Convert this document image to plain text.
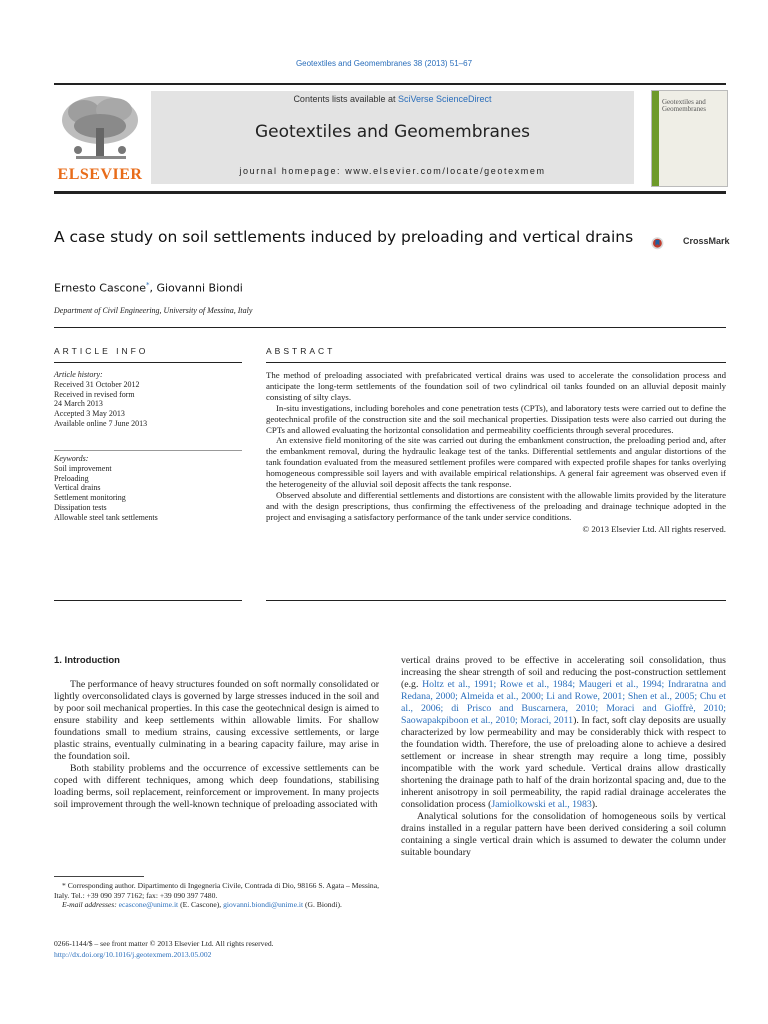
Geotextiles and Geomembranes 38 (2013) 51–67
ELSEVIER
Contents lists available at SciVerse ScienceDirect
Geotextiles and Geomembranes
journal homepage: www.elsevier.com/locate/geotexmem
Geotextiles and Geomembranes
A case study on soil settlements induced by preloading and vertical drains	CrossMark
Ernesto Cascone*, Giovanni Biondi
Department of Civil Engineering, University of Messina, Italy
ARTICLE INFO
Article history:
Received 31 October 2012
Received in revised form
24 March 2013
Accepted 3 May 2013
Available online 7 June 2013
Keywords:
Soil improvement
Preloading
Vertical drains
Settlement monitoring
Dissipation tests
Allowable steel tank settlements
ABSTRACT

The method of preloading associated with prefabricated vertical drains was used to accelerate the consolidation process and anticipate the long-term settlements of the foundation soil of two cylindrical oil tanks founded on an alluvial deposit mainly consisting of silty clays.

In-situ investigations, including boreholes and cone penetration tests (CPTs), and laboratory tests were carried out to define the geotechnical profile of the construction site and the soil mechanical properties. Dissipation tests were also carried out during the CPTs and allowed evaluating the horizontal consolidation and permeability coefficients through several procedures.

An extensive field monitoring of the site was carried out during the embankment construction, the preloading period and, after the embankment removal, during the hydraulic leakage test of the tanks. Differential settlements and angular distortions of the tank foundation evaluated from the measured settlement profiles were compared with expected profile shapes for tanks overlying homogeneous compressible soil layers and with available empirical relationships. A general fair agreement was observed even if the heterogeneity of the alluvial soil deposit affects the tank response.

Observed absolute and differential settlements and distortions are consistent with the allowable limits provided by the literature and with the design prescriptions, thus confirming the effectiveness of the preloading and drainage technique adopted in the project and envisaging a satisfactory performance of the tank under service conditions.

© 2013 Elsevier Ltd. All rights reserved.

1. Introduction

The performance of heavy structures founded on soft normally consolidated or lightly overconsolidated clays is governed by large stresses induced in the soil and by poor soil mechanical properties. In this case the geotechnical design is aimed to ensure stability and keep settlements within allowable limits. For shallow foundations small to medium strains, causing excessive settlements, or large plastic strains, eventually culminating in a bearing capacity failure, may arise in the foundation soil.

Both stability problems and the occurrence of excessive settlements can be coped with different techniques, among which deep foundations, stabilising loading berms, soil replacement, reinforcement or improvement. In many projects soil improvement through the well-known technique of preloading associated with

vertical drains proved to be effective in accelerating soil consolidation, thus increasing the shear strength of soil and reducing the post-construction settlement (e.g. Holtz et al., 1991; Rowe et al., 1984; Maugeri et al., 1994; Indraratna and Redana, 2000; Almeida et al., 2000; Li and Rowe, 2001; Shen et al., 2005; Chu et al., 2006; di Prisco and Buscarnera, 2010; Moraci and Gioffrè, 2010; Saowapakpiboon et al., 2010; Moraci, 2011). In fact, soft clay deposits are usually characterized by low permeability and may be considerably thick with respect to the foundation width. Therefore, the use of preloading alone to achieve a desired settlement or increase in shear strength may require a long time, possibly incompatible with the work yard schedule. Vertical drains allow drastically shortening the drainage path to half of the drain horizontal spacing and, due to the inherent anisotropy in soil permeability, the rapid radial drainage accelerates the consolidation process (Jamiolkowski et al., 1983).

Analytical solutions for the consolidation of homogeneous soils by vertical drains installed in a regular pattern have been derived considering a soil column containing a single vertical drain which is assumed to dewater the column under suitable boundary

* Corresponding author. Dipartimento di Ingegneria Civile, Contrada di Dio, 98166 S. Agata – Messina, Italy. Tel.: +39 090 397 7162; fax: +39 090 397 7480.

E-mail addresses: ecascone@unime.it (E. Cascone), giovanni.biondi@unime.it (G. Biondi).

0266-1144/$ – see front matter © 2013 Elsevier Ltd. All rights reserved.
http://dx.doi.org/10.1016/j.geotexmem.2013.05.002
